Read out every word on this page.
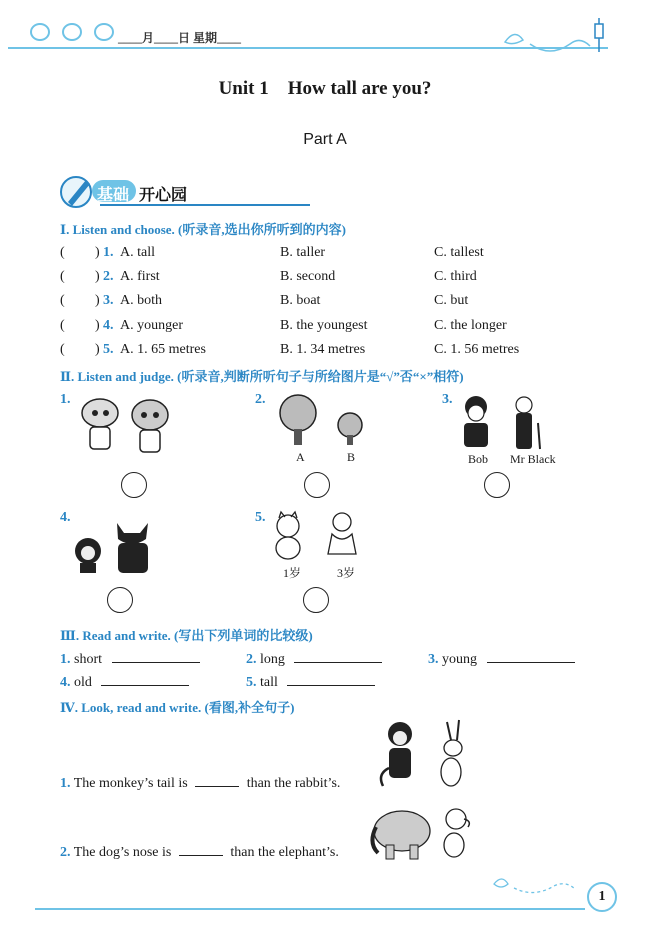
____月____日 星期____
Unit 1    How tall are you?
Part A
基础 开心园
Ⅰ. Listen and choose. (听录音,选出你所听到的内容)
( ) 1. A. tall	B. taller	C. tallest
( ) 2. A. first	B. second	C. third
( ) 3. A. both	B. boat	C. but
( ) 4. A. younger	B. the youngest	C. the longer
( ) 5. A. 1. 65 metres	B. 1. 34 metres	C. 1. 56 metres
Ⅱ. Listen and judge. (听录音,判断所听句子与所给图片是“√”否“×”相符)
1.	2.
A	B
3.
Bob Mr Black
4.	5.
1岁	3岁
Ⅲ. Read and write. (写出下列单词的比较级)
1. short	2. long	3. young
4. old	5. tall
Ⅳ. Look, read and write. (看图,补全句子)
1. The monkey’s tail is	than the rabbit’s.
2. The dog’s nose is	than the elephant’s.
1
